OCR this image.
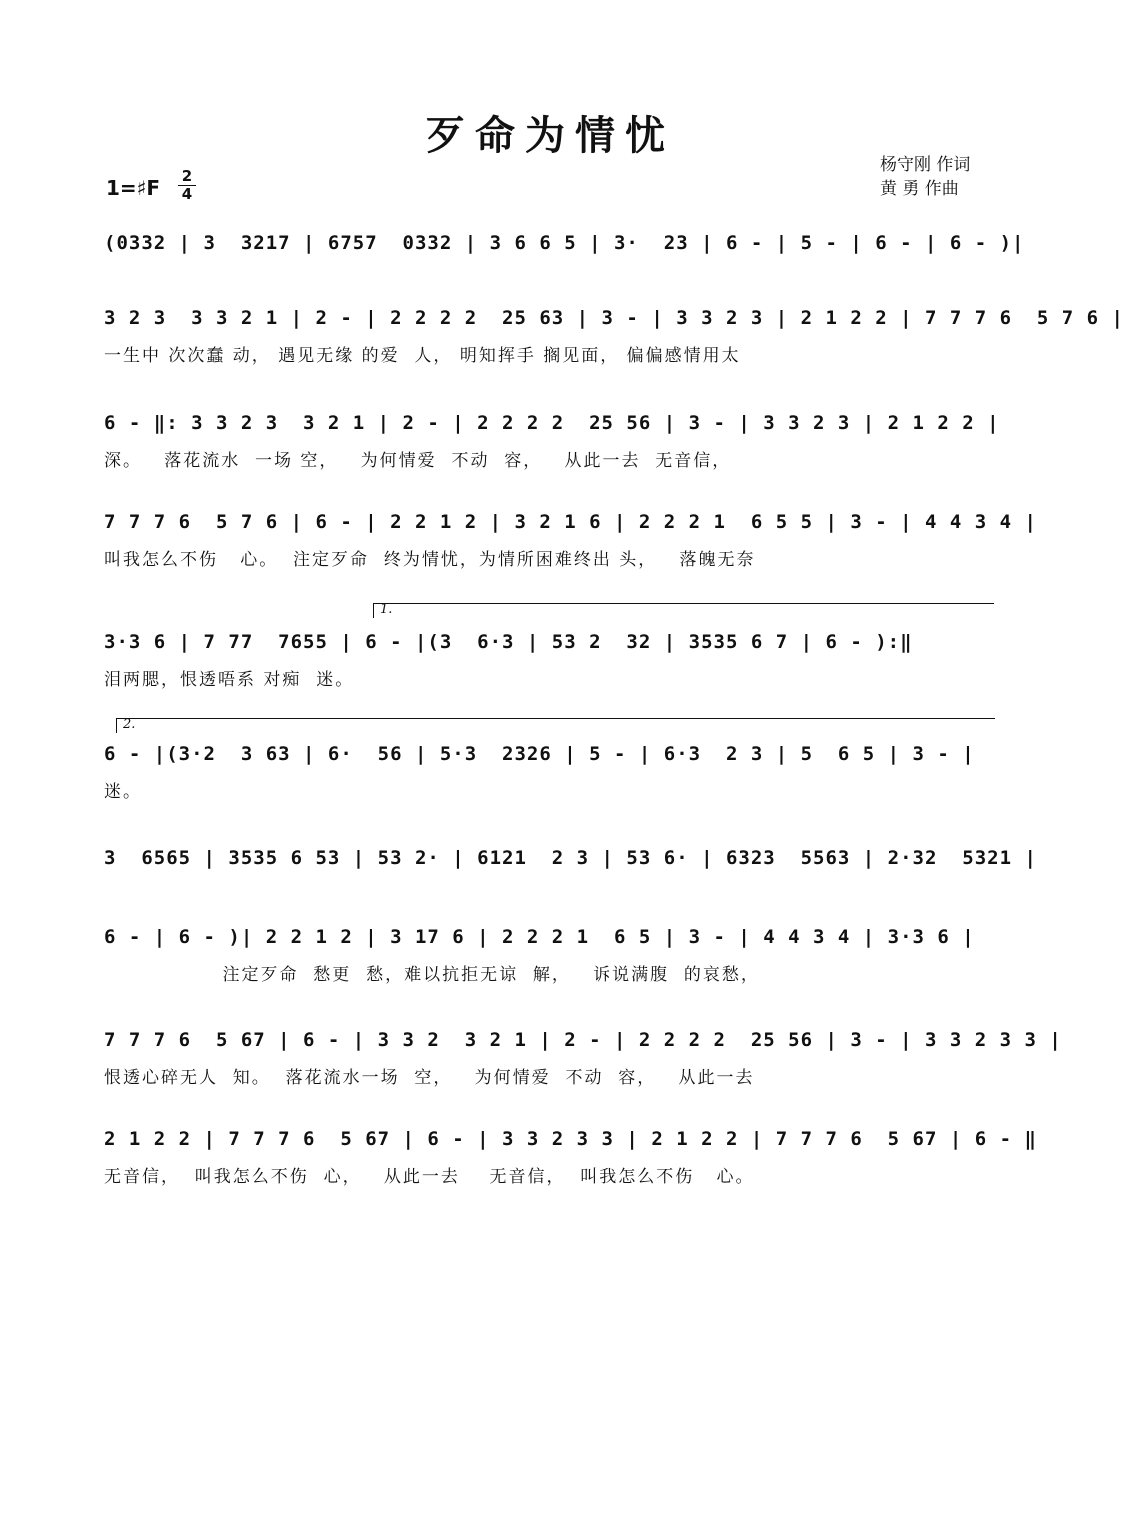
歹命为情忧
杨守刚 作词
黄 勇 作曲
1=♯F 2
4
1.
2.
(0332 | 3  3217 | 6757  0332 | 3 6 6 5 | 3·  23 | 6 - | 5 - | 6 - | 6 - )|
3 2 3  3 3 2 1 | 2 - | 2 2 2 2  25 63 | 3 - | 3 3 2 3 | 2 1 2 2 | 7 7 7 6  5 7 6 |
一生中 次次蠢 动， 遇见无缘 的爱  人， 明知挥手 搁见面， 偏偏感情用太
6 - ‖: 3 3 2 3  3 2 1 | 2 - | 2 2 2 2  25 56 | 3 - | 3 3 2 3 | 2 1 2 2 |
深。   落花流水  一场 空，   为何情爱  不动  容，   从此一去  无音信，
7 7 7 6  5 7 6 | 6 - | 2 2 1 2 | 3 2 1 6 | 2 2 2 1  6 5 5 | 3 - | 4 4 3 4 |
叫我怎么不伤   心。  注定歹命  终为情忧，为情所困难终出 头，   落魄无奈
3·3 6 | 7 77  7655 | 6 - |(3  6·3 | 53 2  32 | 3535 6 7 | 6 - ):‖
泪两腮，恨透唔系 对痴  迷。
6 - |(3·2  3 63 | 6·  56 | 5·3  2326 | 5 - | 6·3  2 3 | 5  6 5 | 3 - |
迷。
3  6565 | 3535 6 53 | 53 2· | 6121  2 3 | 53 6· | 6323  5563 | 2·32  5321 |
6 - | 6 - )| 2 2 1 2 | 3 17 6 | 2 2 2 1  6 5 | 3 - | 4 4 3 4 | 3·3 6 |
注定歹命  愁更  愁，难以抗拒无谅  解，   诉说满腹  的哀愁，
7 7 7 6  5 67 | 6 - | 3 3 2  3 2 1 | 2 - | 2 2 2 2  25 56 | 3 - | 3 3 2 3 3 |
恨透心碎无人  知。  落花流水一场  空，   为何情爱  不动  容，   从此一去
2 1 2 2 | 7 7 7 6  5 67 | 6 - | 3 3 2 3 3 | 2 1 2 2 | 7 7 7 6  5 67 | 6 - ‖
无音信，  叫我怎么不伤  心，   从此一去    无音信，  叫我怎么不伤   心。
